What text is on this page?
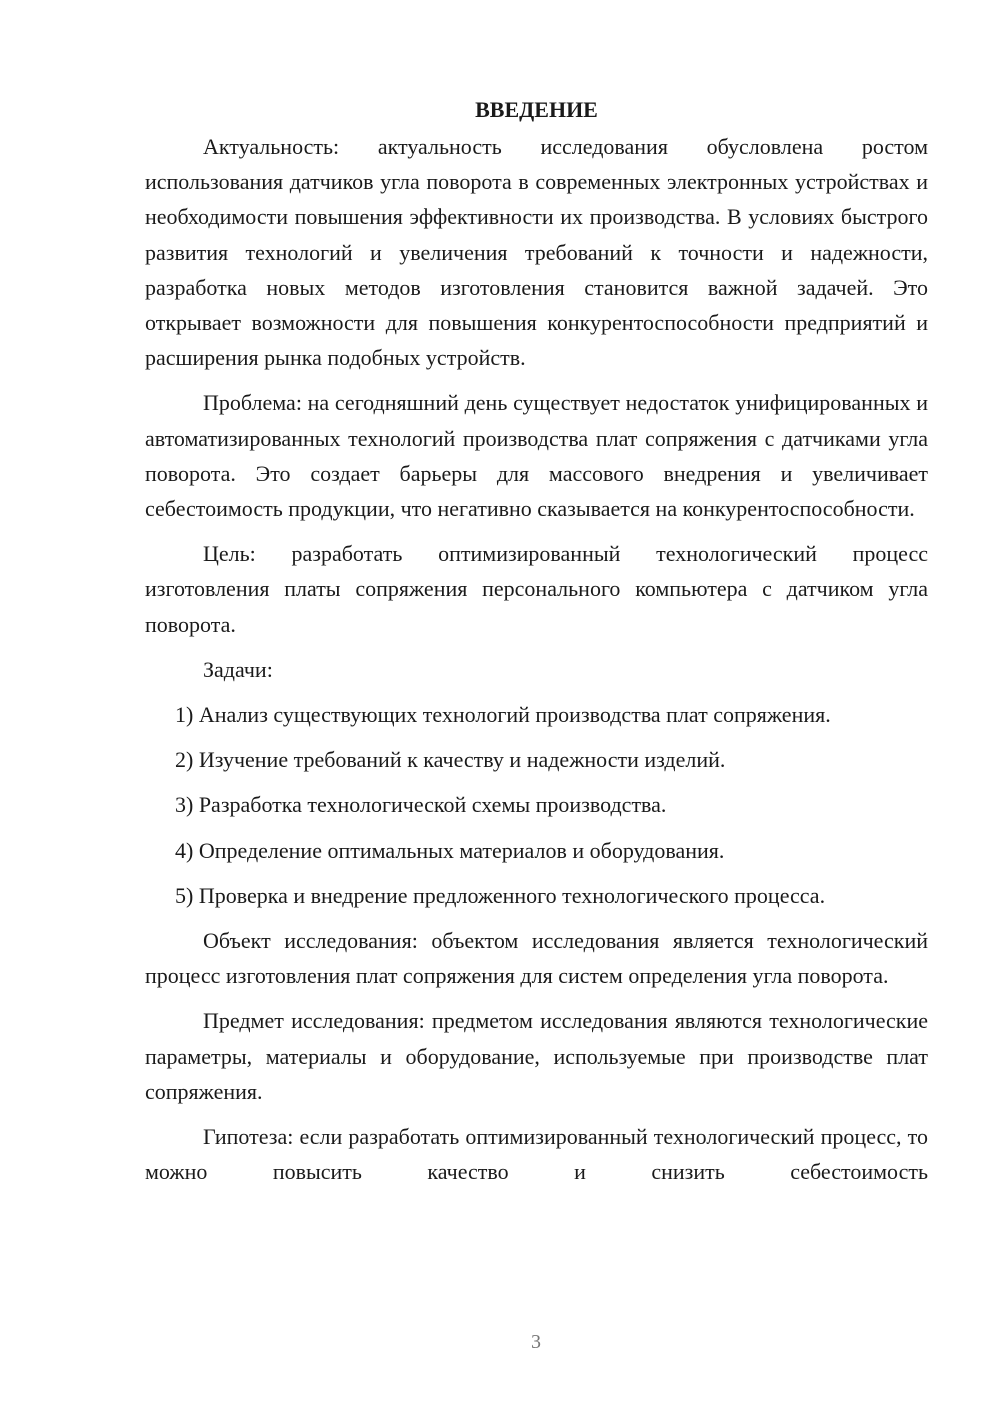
ВВЕДЕНИЕ

Актуальность: актуальность исследования обусловлена ростом использования датчиков угла поворота в современных электронных устройствах и необходимости повышения эффективности их производства. В условиях быстрого развития технологий и увеличения требований к точности и надежности, разработка новых методов изготовления становится важной задачей. Это открывает возможности для повышения конкурентоспособности предприятий и расширения рынка подобных устройств.

Проблема: на сегодняшний день существует недостаток унифицированных и автоматизированных технологий производства плат сопряжения с датчиками угла поворота. Это создает барьеры для массового внедрения и увеличивает себестоимость продукции, что негативно сказывается на конкурентоспособности.

Цель: разработать оптимизированный технологический процесс изготовления платы сопряжения персонального компьютера с датчиком угла поворота.

Задачи:

1) Анализ существующих технологий производства плат сопряжения.
2) Изучение требований к качеству и надежности изделий.
3) Разработка технологической схемы производства.
4) Определение оптимальных материалов и оборудования.
5) Проверка и внедрение предложенного технологического процесса.

Объект исследования: объектом исследования является технологический процесс изготовления плат сопряжения для систем определения угла поворота.

Предмет исследования: предметом исследования являются технологические параметры, материалы и оборудование, используемые при производстве плат сопряжения.

Гипотеза: если разработать оптимизированный технологический процесс, то можно повысить качество и снизить себестоимость

3
